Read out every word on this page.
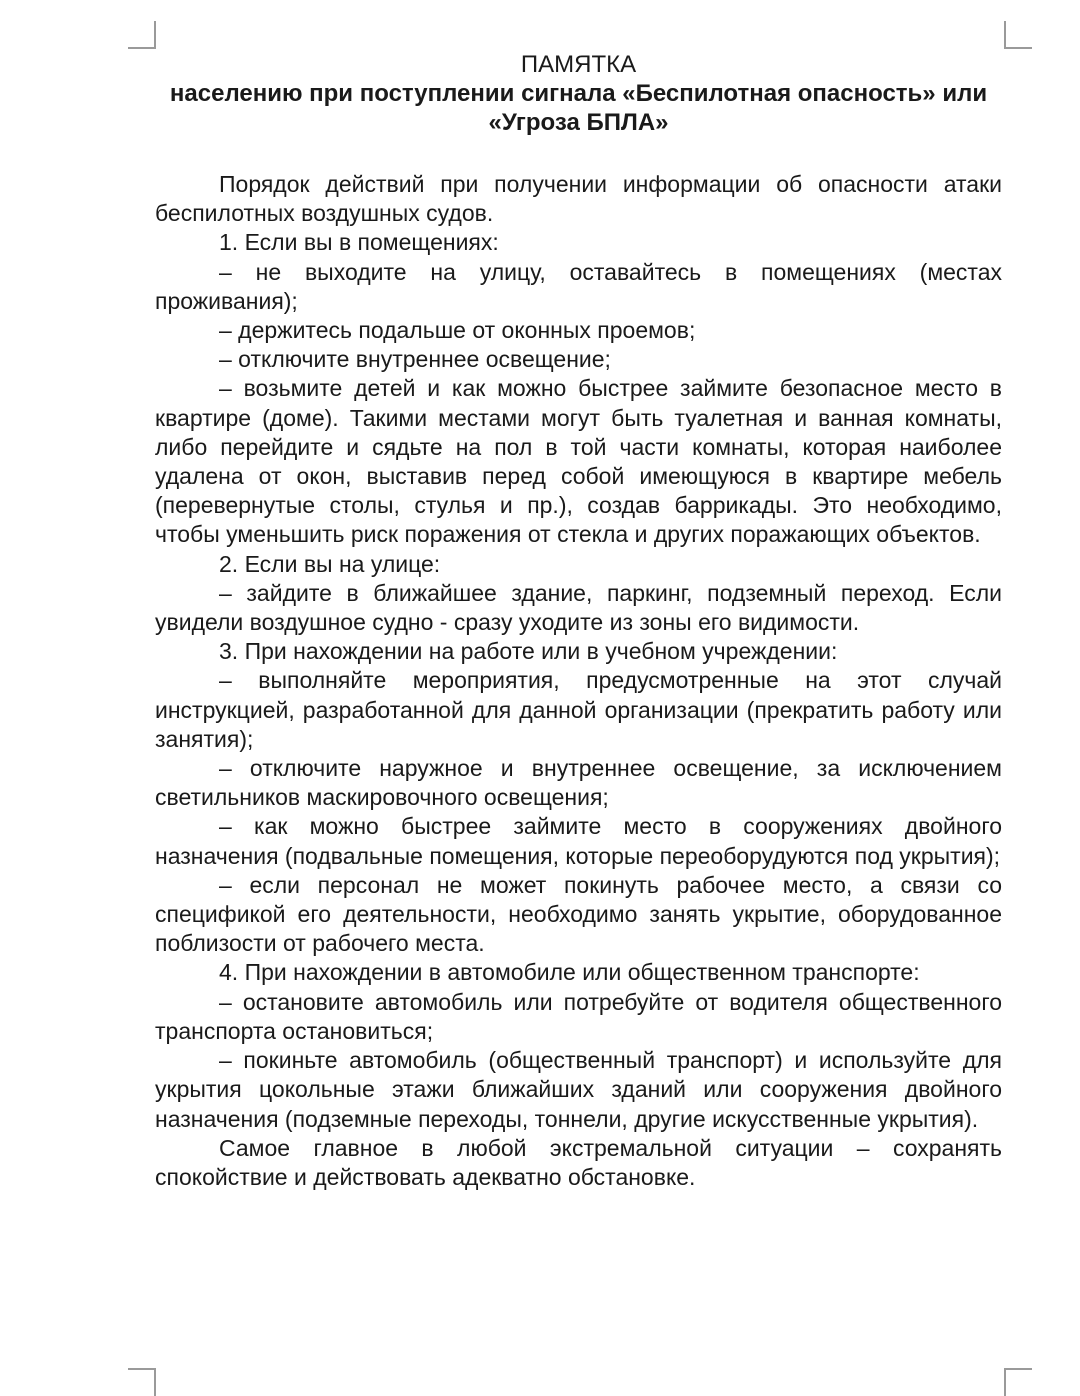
ПАМЯТКА
населению при поступлении сигнала «Беспилотная опасность» или
«Угроза БПЛА»

Порядок действий при получении информации об опасности атаки беспилотных воздушных судов.

1. Если вы в помещениях:

– не выходите на улицу, оставайтесь в помещениях (местах проживания);

– держитесь подальше от оконных проемов;

– отключите внутреннее освещение;

– возьмите детей и как можно быстрее займите безопасное место в квартире (доме). Такими местами могут быть туалетная и ванная комнаты, либо перейдите и сядьте на пол в той части комнаты, которая наиболее удалена от окон, выставив перед собой имеющуюся в квартире мебель (перевернутые столы, стулья и пр.), создав баррикады. Это необходимо, чтобы уменьшить риск поражения от стекла и других поражающих объектов.

2. Если вы на улице:

– зайдите в ближайшее здание, паркинг, подземный переход. Если увидели воздушное судно - сразу уходите из зоны его видимости.

3. При нахождении на работе или в учебном учреждении:

– выполняйте мероприятия, предусмотренные на этот случай инструкцией, разработанной для данной организации (прекратить работу или занятия);

– отключите наружное и внутреннее освещение, за исключением светильников маскировочного освещения;

– как можно быстрее займите место в сооружениях двойного назначения (подвальные помещения, которые переоборудуются под укрытия);

– если персонал не может покинуть рабочее место, а связи со спецификой его деятельности, необходимо занять укрытие, оборудованное поблизости от рабочего места.

4. При нахождении в автомобиле или общественном транспорте:

– остановите автомобиль или потребуйте от водителя общественного транспорта остановиться;

– покиньте автомобиль (общественный транспорт) и используйте для укрытия цокольные этажи ближайших зданий или сооружения двойного назначения (подземные переходы, тоннели, другие искусственные укрытия).

Самое главное в любой экстремальной ситуации – сохранять спокойствие и действовать адекватно обстановке.
